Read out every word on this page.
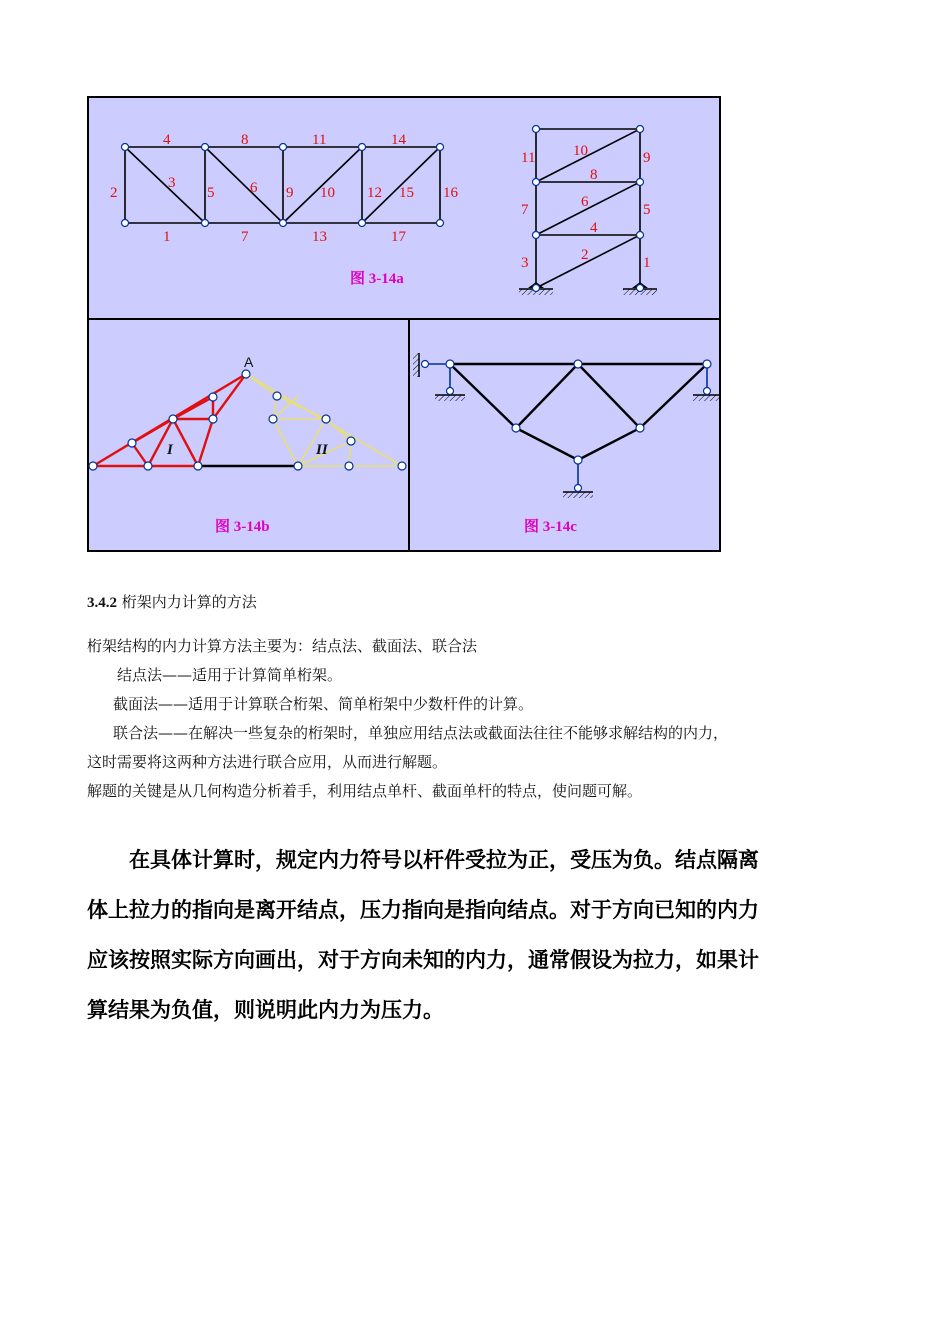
4	8	11	14
1	7	13	17
2	5	9	12	16
3	6	10	15
图 3-14a
11	10	9
8
7	6	5
4
3	2	1
A
I	II
图 3-14b	图 3-14c
3.4.2 桁架内力计算的方法

桁架结构的内力计算方法主要为：结点法、截面法、联合法

结点法——适用于计算简单桁架。

截面法——适用于计算联合桁架、简单桁架中少数杆件的计算。

联合法——在解决一些复杂的桁架时，单独应用结点法或截面法往往不能够求解结构的内力，

这时需要将这两种方法进行联合应用，从而进行解题。

解题的关键是从几何构造分析着手，利用结点单杆、截面单杆的特点，使问题可解。

在具体计算时，规定内力符号以杆件受拉为正，受压为负。结点隔离

体上拉力的指向是离开结点，压力指向是指向结点。对于方向已知的内力

应该按照实际方向画出，对于方向未知的内力，通常假设为拉力，如果计

算结果为负值，则说明此内力为压力。
